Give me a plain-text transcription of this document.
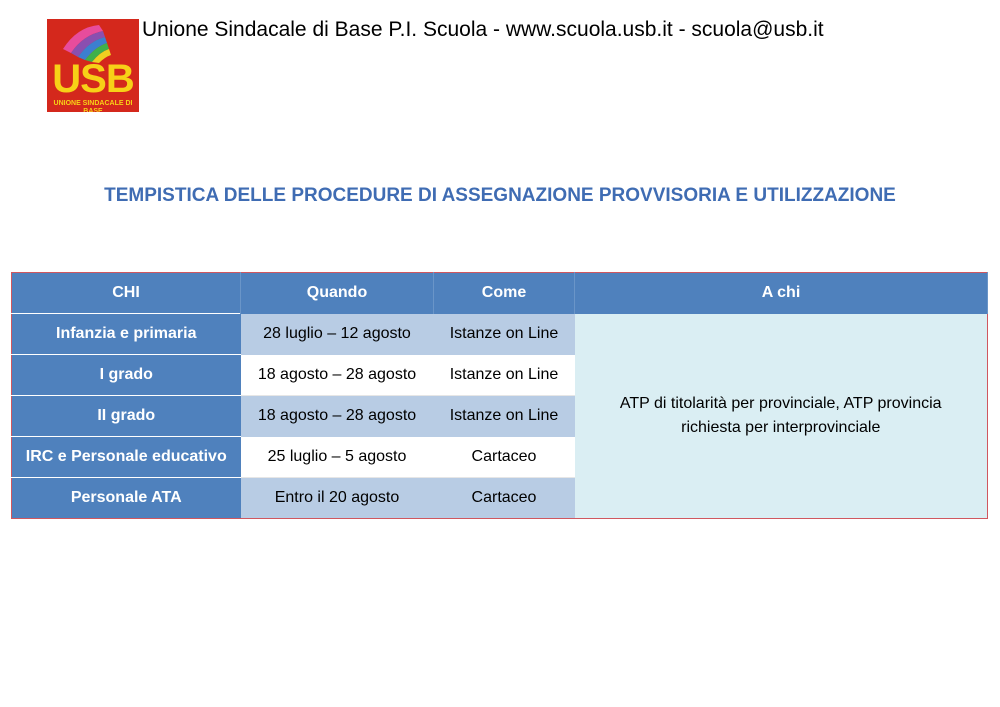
USB
UNIONE SINDACALE DI BASE
Unione Sindacale di Base P.I. Scuola - www.scuola.usb.it - scuola@usb.it
TEMPISTICA DELLE PROCEDURE DI ASSEGNAZIONE PROVVISORIA E UTILIZZAZIONE
CHI	Quando	Come	A chi
Infanzia e primaria	28 luglio – 12 agosto	Istanze on Line	ATP di titolarità per provinciale, ATP provincia richiesta per interprovinciale
I grado	18 agosto – 28 agosto	Istanze on Line	
II grado	18 agosto – 28 agosto	Istanze on Line	
IRC e Personale educativo	25 luglio – 5 agosto	Cartaceo	
Personale ATA	Entro il 20 agosto	Cartaceo	
